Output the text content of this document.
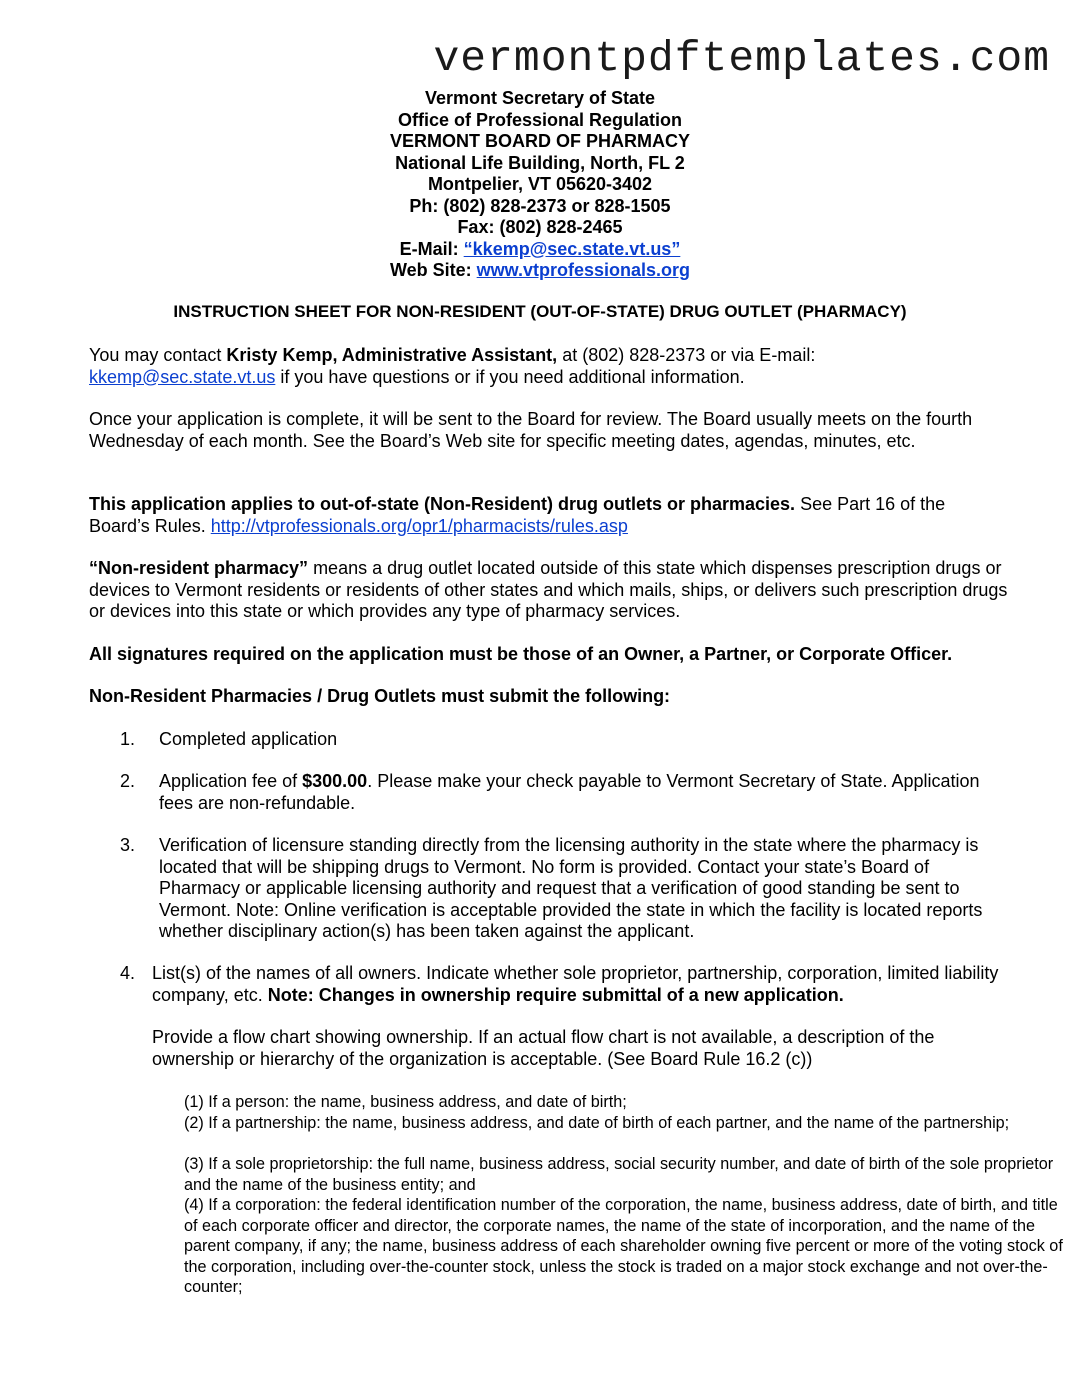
vermontpdftemplates.com
Vermont Secretary of State
Office of Professional Regulation
VERMONT BOARD OF PHARMACY
National Life Building, North, FL 2
Montpelier, VT 05620-3402
Ph: (802) 828-2373 or 828-1505
Fax: (802) 828-2465
E-Mail: “kkemp@sec.state.vt.us”
Web Site: www.vtprofessionals.org
INSTRUCTION SHEET FOR NON-RESIDENT (OUT-OF-STATE) DRUG OUTLET (PHARMACY)
You may contact Kristy Kemp, Administrative Assistant, at (802) 828-2373 or via E-mail:
kkemp@sec.state.vt.us if you have questions or if you need additional information.
Once your application is complete, it will be sent to the Board for review. The Board usually meets on the fourth Wednesday of each month. See the Board’s Web site for specific meeting dates, agendas, minutes, etc.
This application applies to out-of-state (Non-Resident) drug outlets or pharmacies. See Part 16 of the Board’s Rules. http://vtprofessionals.org/opr1/pharmacists/rules.asp
“Non-resident pharmacy” means a drug outlet located outside of this state which dispenses prescription drugs or devices to Vermont residents or residents of other states and which mails, ships, or delivers such prescription drugs or devices into this state or which provides any type of pharmacy services.
All signatures required on the application must be those of an Owner, a Partner, or Corporate Officer.
Non-Resident Pharmacies / Drug Outlets must submit the following:
1. Completed application
2. Application fee of $300.00. Please make your check payable to Vermont Secretary of State. Application fees are non-refundable.
3. Verification of licensure standing directly from the licensing authority in the state where the pharmacy is located that will be shipping drugs to Vermont. No form is provided. Contact your state’s Board of Pharmacy or applicable licensing authority and request that a verification of good standing be sent to Vermont. Note: Online verification is acceptable provided the state in which the facility is located reports whether disciplinary action(s) has been taken against the applicant.
4. List(s) of the names of all owners. Indicate whether sole proprietor, partnership, corporation, limited liability company, etc. Note: Changes in ownership require submittal of a new application.
Provide a flow chart showing ownership. If an actual flow chart is not available, a description of the ownership or hierarchy of the organization is acceptable. (See Board Rule 16.2 (c))
(1) If a person: the name, business address, and date of birth;
(2) If a partnership: the name, business address, and date of birth of each partner, and the name of the partnership;
(3) If a sole proprietorship: the full name, business address, social security number, and date of birth of the sole proprietor and the name of the business entity; and
(4) If a corporation: the federal identification number of the corporation, the name, business address, date of birth, and title of each corporate officer and director, the corporate names, the name of the state of incorporation, and the name of the parent company, if any; the name, business address of each shareholder owning five percent or more of the voting stock of the corporation, including over-the-counter stock, unless the stock is traded on a major stock exchange and not over-the-counter;
